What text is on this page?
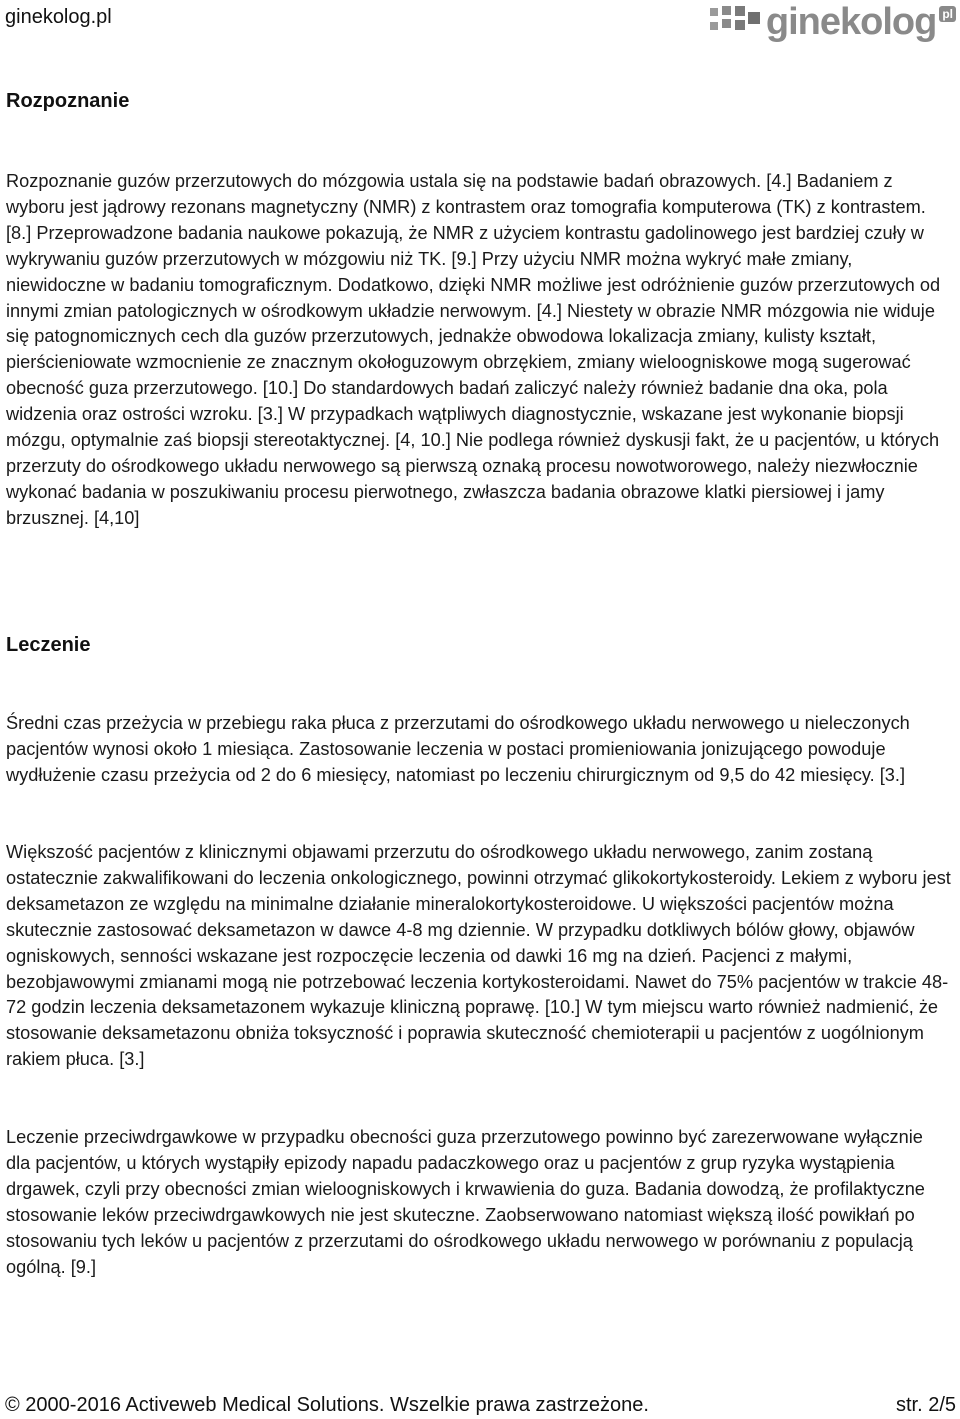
ginekolog.pl	ginekolog pl
Rozpoznanie
Rozpoznanie guzów przerzutowych do mózgowia ustala się na podstawie badań obrazowych. [4.] Badaniem z wyboru jest jądrowy rezonans magnetyczny (NMR) z kontrastem oraz tomografia komputerowa (TK) z kontrastem. [8.] Przeprowadzone badania naukowe pokazują, że NMR z użyciem kontrastu gadolinowego jest bardziej czuły w wykrywaniu guzów przerzutowych w mózgowiu niż TK. [9.] Przy użyciu NMR można wykryć małe zmiany, niewidoczne w badaniu tomograficznym. Dodatkowo, dzięki NMR możliwe jest odróżnienie guzów przerzutowych od innymi zmian patologicznych w ośrodkowym układzie nerwowym. [4.] Niestety w obrazie NMR mózgowia nie widuje się patognomicznych cech dla guzów przerzutowych, jednakże obwodowa lokalizacja zmiany, kulisty kształt, pierścieniowate wzmocnienie ze znacznym okołoguzowym obrzękiem, zmiany wieloogniskowe mogą sugerować obecność guza przerzutowego. [10.] Do standardowych badań zaliczyć należy również badanie dna oka, pola widzenia oraz ostrości wzroku. [3.] W przypadkach wątpliwych diagnostycznie, wskazane jest wykonanie biopsji mózgu, optymalnie zaś biopsji stereotaktycznej. [4, 10.] Nie podlega również dyskusji fakt, że u pacjentów, u których przerzuty do ośrodkowego układu nerwowego są pierwszą oznaką procesu nowotworowego, należy niezwłocznie wykonać badania w poszukiwaniu procesu pierwotnego, zwłaszcza badania obrazowe klatki piersiowej i jamy brzusznej. [4,10]
Leczenie
Średni czas przeżycia w przebiegu raka płuca z przerzutami do ośrodkowego układu nerwowego u nieleczonych pacjentów wynosi około 1 miesiąca. Zastosowanie leczenia w postaci promieniowania jonizującego powoduje wydłużenie czasu przeżycia od 2 do 6 miesięcy, natomiast po leczeniu chirurgicznym od 9,5 do 42 miesięcy. [3.]
Większość pacjentów z klinicznymi objawami przerzutu do ośrodkowego układu nerwowego, zanim zostaną ostatecznie zakwalifikowani do leczenia onkologicznego, powinni otrzymać glikokortykosteroidy. Lekiem z wyboru jest deksametazon ze względu na minimalne działanie mineralokortykosteroidowe. U większości pacjentów można skutecznie zastosować deksametazon w dawce 4-8 mg dziennie. W przypadku dotkliwych bólów głowy, objawów ogniskowych, senności wskazane jest rozpoczęcie leczenia od dawki 16 mg na dzień. Pacjenci z małymi, bezobjawowymi zmianami mogą nie potrzebować leczenia kortykosteroidami. Nawet do 75% pacjentów w trakcie 48-72 godzin leczenia deksametazonem wykazuje kliniczną poprawę. [10.] W tym miejscu warto również nadmienić, że stosowanie deksametazonu obniża toksyczność i poprawia skuteczność chemioterapii u pacjentów z uogólnionym rakiem płuca. [3.]
Leczenie przeciwdrgawkowe w przypadku obecności guza przerzutowego powinno być zarezerwowane wyłącznie dla pacjentów, u których wystąpiły epizody napadu padaczkowego oraz u pacjentów z grup ryzyka wystąpienia drgawek, czyli przy obecności zmian wieloogniskowych i krwawienia do guza. Badania dowodzą, że profilaktyczne stosowanie leków przeciwdrgawkowych nie jest skuteczne. Zaobserwowano natomiast większą ilość powikłań po stosowaniu tych leków u pacjentów z przerzutami do ośrodkowego układu nerwowego w porównaniu z populacją ogólną. [9.]
© 2000-2016 Activeweb Medical Solutions. Wszelkie prawa zastrzeżone.	str. 2/5
